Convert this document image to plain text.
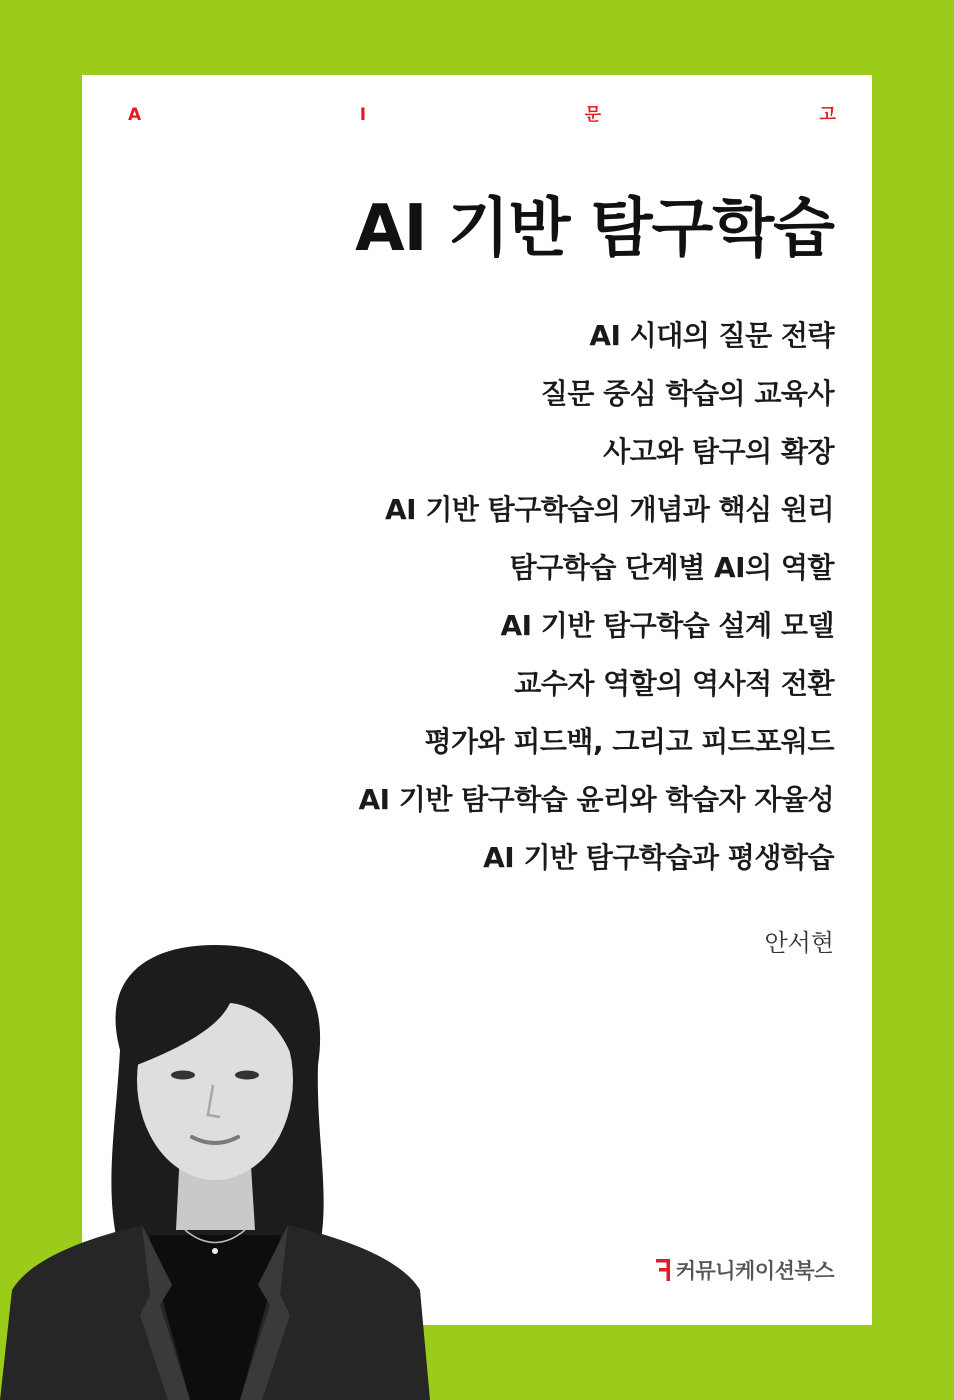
A	I	문	고
AI 기반 탐구학습
AI 시대의 질문 전략
질문 중심 학습의 교육사
사고와 탐구의 확장
AI 기반 탐구학습의 개념과 핵심 원리
탐구학습 단계별 AI의 역할
AI 기반 탐구학습 설계 모델
교수자 역할의 역사적 전환
평가와 피드백, 그리고 피드포워드
AI 기반 탐구학습 윤리와 학습자 자율성
AI 기반 탐구학습과 평생학습
안서현
커뮤니케이션북스
